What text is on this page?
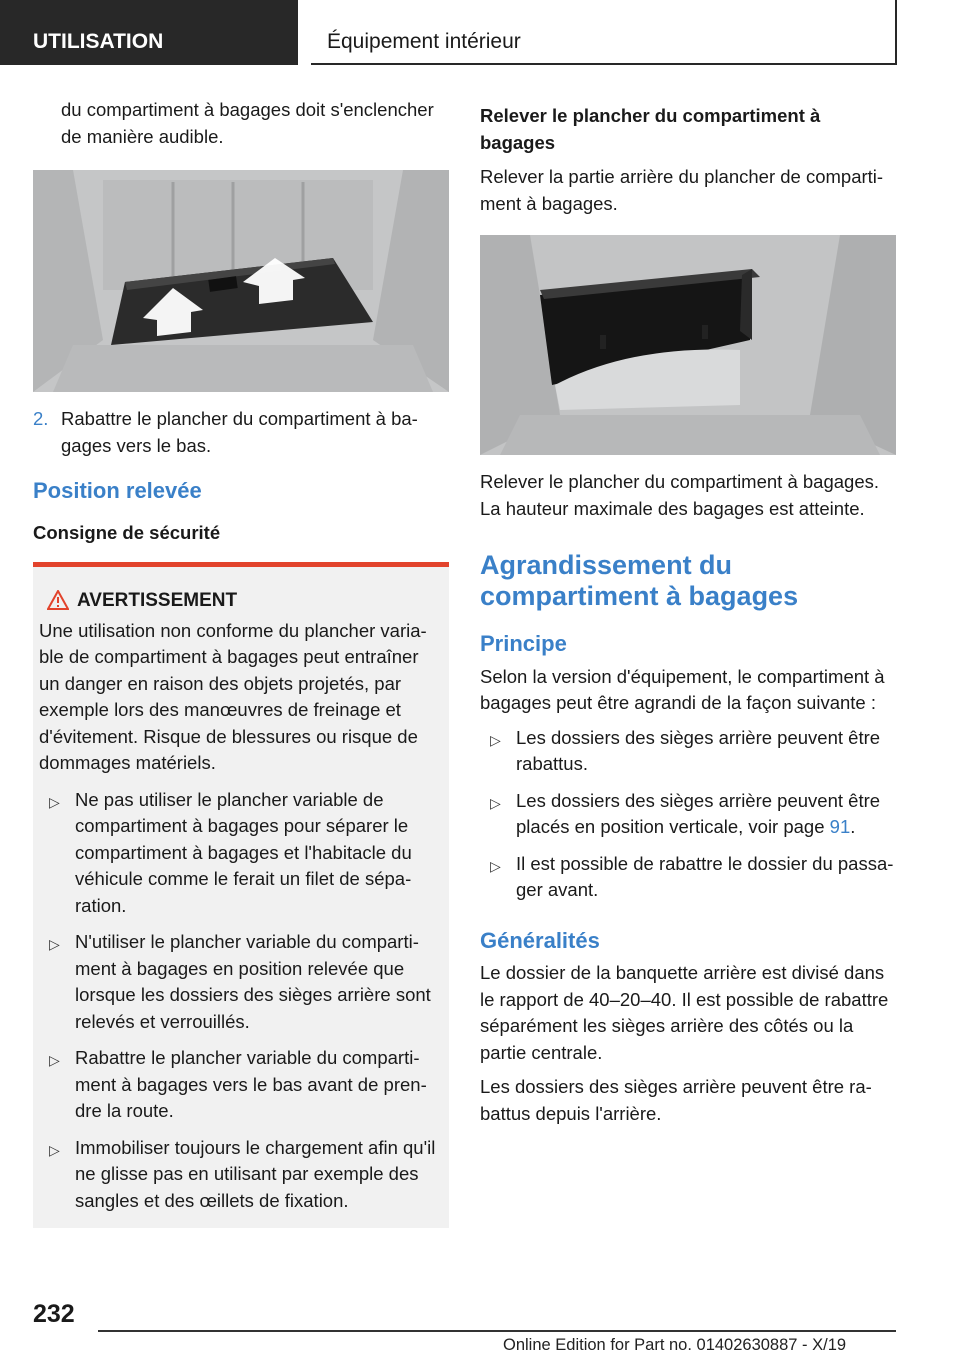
UTILISATION	Équipement intérieur

du compartiment à bagages doit s'enclencher de manière audible.

2. Rabattre le plancher du compartiment à bagages vers le bas.
Position relevée
Consigne de sécurité
AVERTISSEMENT

Une utilisation non conforme du plancher variable de compartiment à bagages peut entraîner un danger en raison des objets projetés, par exemple lors des manœuvres de freinage et d'évitement. Risque de blessures ou risque de dommages matériels.

▷ Ne pas utiliser le plancher variable de compartiment à bagages pour séparer le compartiment à bagages et l'habitacle du véhicule comme le ferait un filet de séparation.
▷ N'utiliser le plancher variable du compartiment à bagages en position relevée que lorsque les dossiers des sièges arrière sont relevés et verrouillés.
▷ Rabattre le plancher variable du compartiment à bagages vers le bas avant de prendre la route.
▷ Immobiliser toujours le chargement afin qu'il ne glisse pas en utilisant par exemple des sangles et des œillets de fixation.
Relever le plancher du compartiment à bagages

Relever la partie arrière du plancher de compartiment à bagages.

Relever le plancher du compartiment à bagages. La hauteur maximale des bagages est atteinte.

Agrandissement du compartiment à bagages
Principe

Selon la version d'équipement, le compartiment à bagages peut être agrandi de la façon suivante :

▷ Les dossiers des sièges arrière peuvent être rabattus.
▷ Les dossiers des sièges arrière peuvent être placés en position verticale, voir page 91.
▷ Il est possible de rabattre le dossier du passager avant.
Généralités

Le dossier de la banquette arrière est divisé dans le rapport de 40–20–40. Il est possible de rabattre séparément les sièges arrière des côtés ou la partie centrale.

Les dossiers des sièges arrière peuvent être rabattus depuis l'arrière.

232
Online Edition for Part no. 01402630887 - X/19
